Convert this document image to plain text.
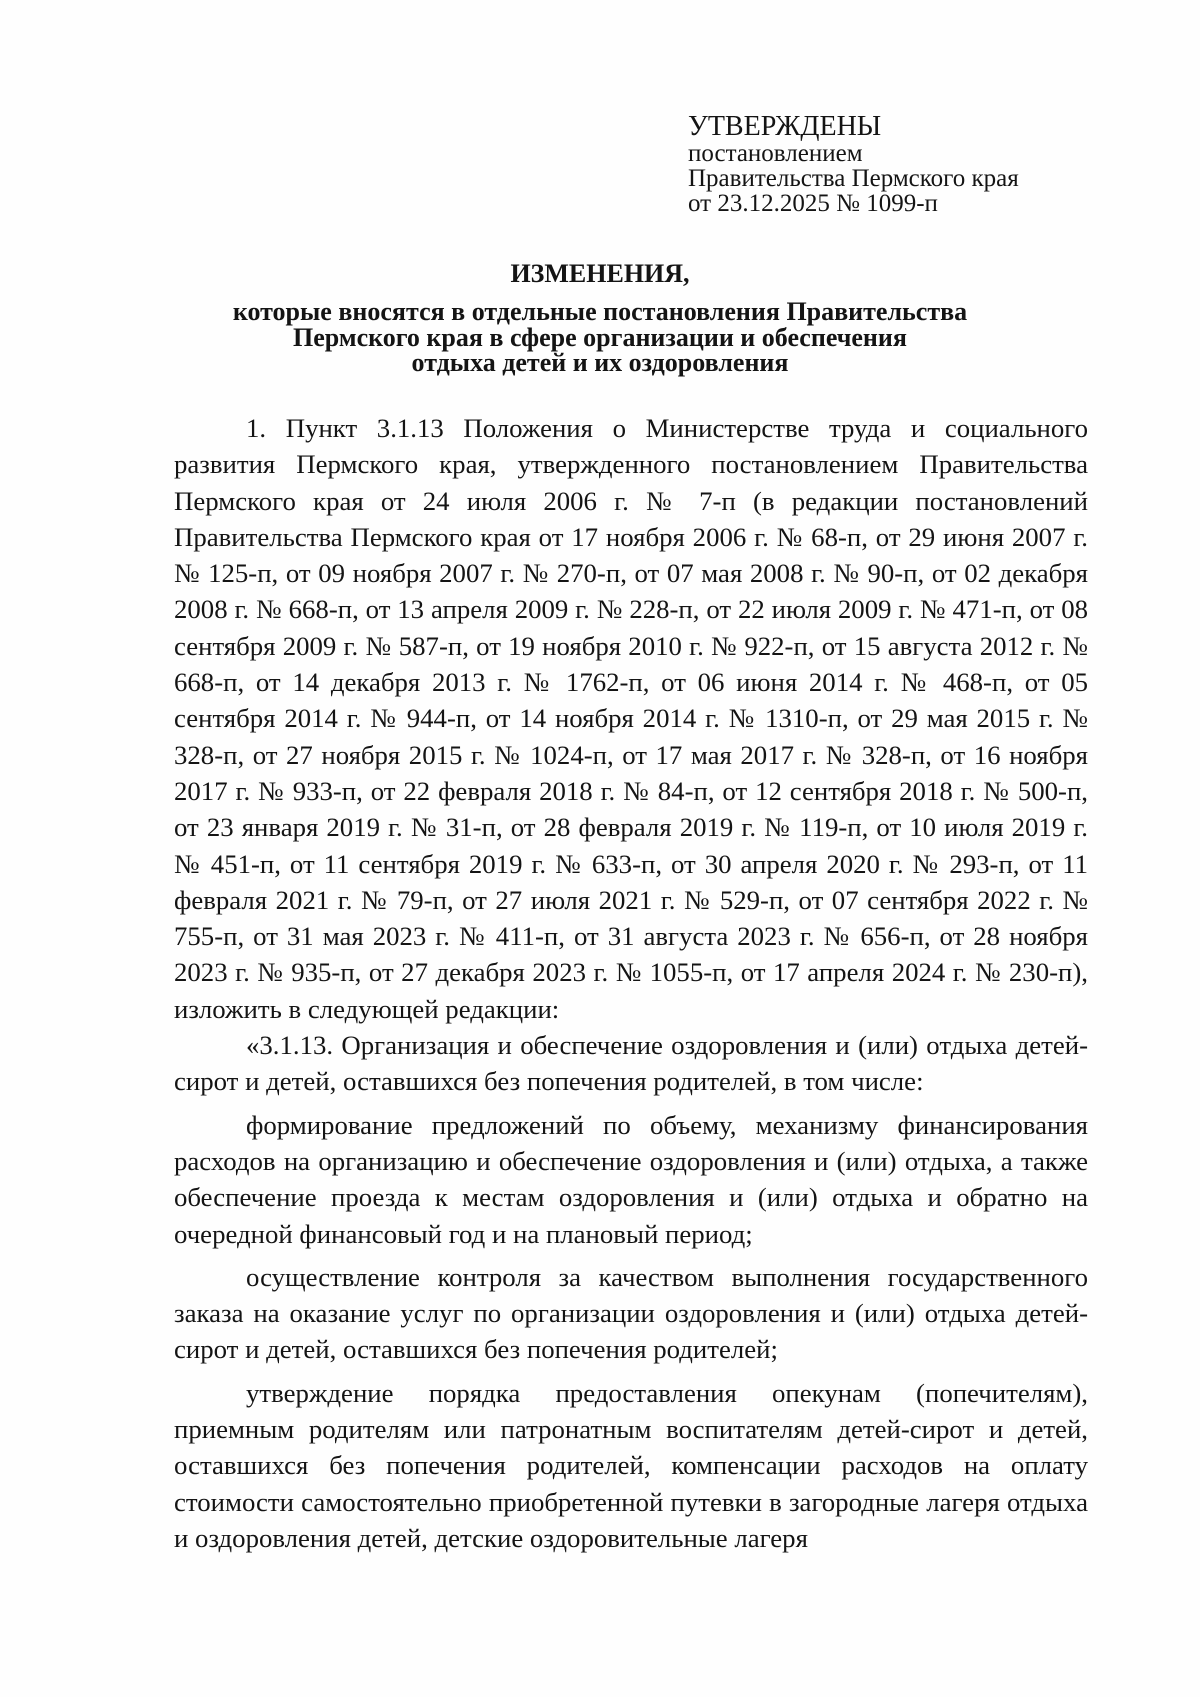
УТВЕРЖДЕНЫ
постановлением
Правительства Пермского края
от 23.12.2025 № 1099-п
ИЗМЕНЕНИЯ,
которые вносятся в отдельные постановления Правительства
Пермского края в сфере организации и обеспечения
отдыха детей и их оздоровления

1. Пункт 3.1.13 Положения о Министерстве труда и социального развития Пермского края, утвержденного постановлением Правительства Пермского края от 24 июля 2006 г. № 7-п (в редакции постановлений Правительства Пермского края от 17 ноября 2006 г. № 68-п, от 29 июня 2007 г. № 125-п, от 09 ноября 2007 г. № 270-п, от 07 мая 2008 г. № 90-п, от 02 декабря 2008 г. № 668-п, от 13 апреля 2009 г. № 228-п, от 22 июля 2009 г. № 471-п, от 08 сентября 2009 г. № 587-п, от 19 ноября 2010 г. № 922-п, от 15 августа 2012 г. № 668-п, от 14 декабря 2013 г. № 1762-п, от 06 июня 2014 г. № 468-п, от 05 сентября 2014 г. № 944-п, от 14 ноября 2014 г. № 1310-п, от 29 мая 2015 г. № 328-п, от 27 ноября 2015 г. № 1024-п, от 17 мая 2017 г. № 328-п, от 16 ноября 2017 г. № 933-п, от 22 февраля 2018 г. № 84-п, от 12 сентября 2018 г. № 500-п, от 23 января 2019 г. № 31-п, от 28 февраля 2019 г. № 119-п, от 10 июля 2019 г. № 451-п, от 11 сентября 2019 г. № 633-п, от 30 апреля 2020 г. № 293-п, от 11 февраля 2021 г. № 79-п, от 27 июля 2021 г. № 529-п, от 07 сентября 2022 г. № 755-п, от 31 мая 2023 г. № 411-п, от 31 августа 2023 г. № 656-п, от 28 ноября 2023 г. № 935-п, от 27 декабря 2023 г. № 1055-п, от 17 апреля 2024 г. № 230-п), изложить в следующей редакции:

«3.1.13. Организация и обеспечение оздоровления и (или) отдыха детей-сирот и детей, оставшихся без попечения родителей, в том числе:

формирование предложений по объему, механизму финансирования расходов на организацию и обеспечение оздоровления и (или) отдыха, а также обеспечение проезда к местам оздоровления и (или) отдыха и обратно на очередной финансовый год и на плановый период;

осуществление контроля за качеством выполнения государственного заказа на оказание услуг по организации оздоровления и (или) отдыха детей-сирот и детей, оставшихся без попечения родителей;

утверждение порядка предоставления опекунам (попечителям), приемным родителям или патронатным воспитателям детей-сирот и детей, оставшихся без попечения родителей, компенсации расходов на оплату стоимости самостоятельно приобретенной путевки в загородные лагеря отдыха и оздоровления детей, детские оздоровительные лагеря
